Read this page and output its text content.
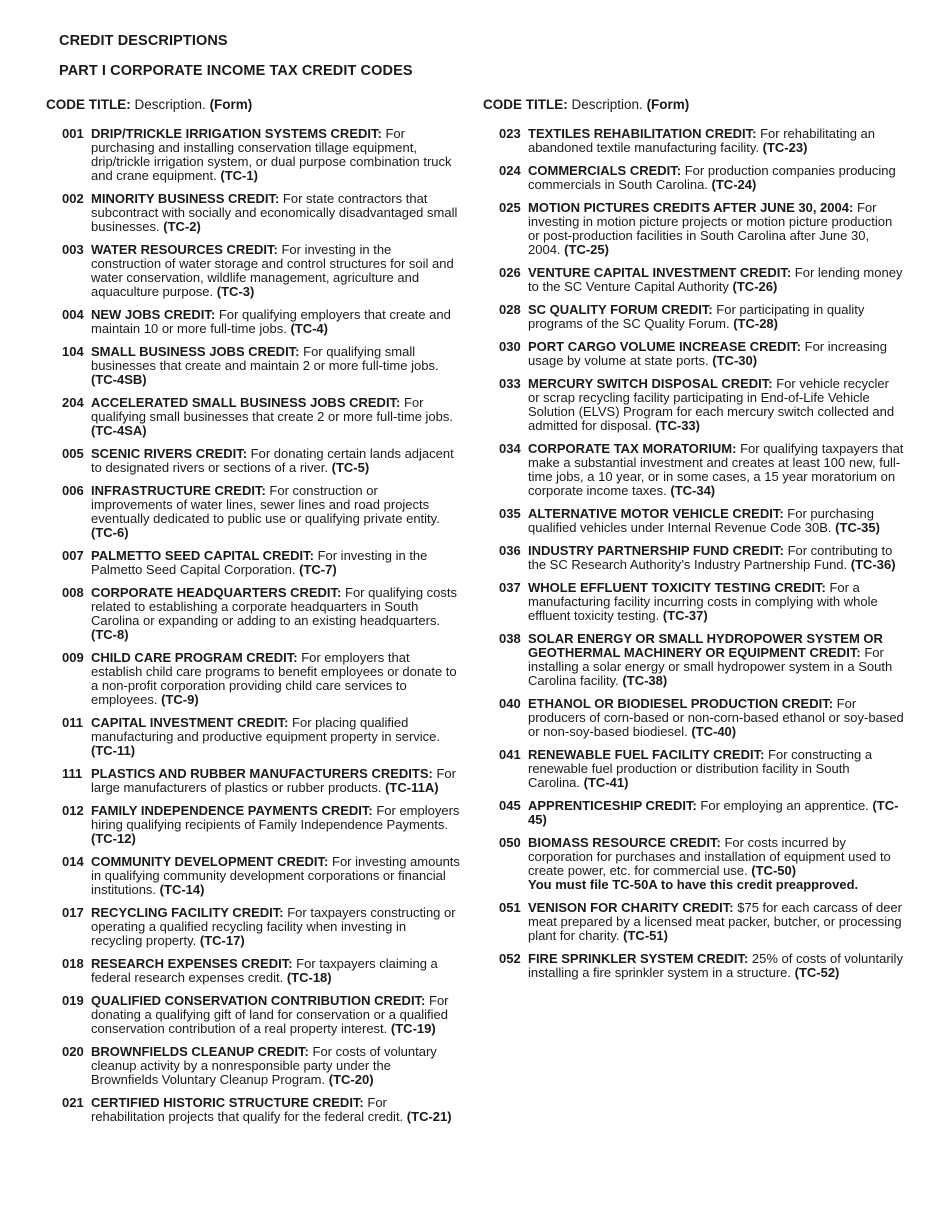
CREDIT DESCRIPTIONS
PART I CORPORATE INCOME TAX CREDIT CODES
CODE TITLE: Description. (Form)	CODE TITLE: Description. (Form)
001 DRIP/TRICKLE IRRIGATION SYSTEMS CREDIT: For purchasing and installing conservation tillage equipment, drip/trickle irrigation system, or dual purpose combination truck and crane equipment. (TC-1)
002 MINORITY BUSINESS CREDIT: For state contractors that subcontract with socially and economically disadvantaged small businesses. (TC-2)
003 WATER RESOURCES CREDIT: For investing in the construction of water storage and control structures for soil and water conservation, wildlife management, agriculture and aquaculture purpose. (TC-3)
004 NEW JOBS CREDIT: For qualifying employers that create and maintain 10 or more full-time jobs. (TC-4)
104 SMALL BUSINESS JOBS CREDIT: For qualifying small businesses that create and maintain 2 or more full-time jobs. (TC-4SB)
204 ACCELERATED SMALL BUSINESS JOBS CREDIT: For qualifying small businesses that create 2 or more full-time jobs. (TC-4SA)
005 SCENIC RIVERS CREDIT: For donating certain lands adjacent to designated rivers or sections of a river. (TC-5)
006 INFRASTRUCTURE CREDIT: For construction or improvements of water lines, sewer lines and road projects eventually dedicated to public use or qualifying private entity. (TC-6)
007 PALMETTO SEED CAPITAL CREDIT: For investing in the Palmetto Seed Capital Corporation. (TC-7)
008 CORPORATE HEADQUARTERS CREDIT: For qualifying costs related to establishing a corporate headquarters in South Carolina or expanding or adding to an existing headquarters. (TC-8)
009 CHILD CARE PROGRAM CREDIT: For employers that establish child care programs to benefit employees or donate to a non-profit corporation providing child care services to employees. (TC-9)
011 CAPITAL INVESTMENT CREDIT: For placing qualified manufacturing and productive equipment property in service. (TC-11)
111 PLASTICS AND RUBBER MANUFACTURERS CREDITS: For large manufacturers of plastics or rubber products. (TC-11A)
012 FAMILY INDEPENDENCE PAYMENTS CREDIT: For employers hiring qualifying recipients of Family Independence Payments. (TC-12)
014 COMMUNITY DEVELOPMENT CREDIT: For investing amounts in qualifying community development corporations or financial institutions. (TC-14)
017 RECYCLING FACILITY CREDIT: For taxpayers constructing or operating a qualified recycling facility when investing in recycling property. (TC-17)
018 RESEARCH EXPENSES CREDIT: For taxpayers claiming a federal research expenses credit. (TC-18)
019 QUALIFIED CONSERVATION CONTRIBUTION CREDIT: For donating a qualifying gift of land for conservation or a qualified conservation contribution of a real property interest. (TC-19)
020 BROWNFIELDS CLEANUP CREDIT: For costs of voluntary cleanup activity by a nonresponsible party under the Brownfields Voluntary Cleanup Program. (TC-20)
021 CERTIFIED HISTORIC STRUCTURE CREDIT: For rehabilitation projects that qualify for the federal credit. (TC-21)
023 TEXTILES REHABILITATION CREDIT: For rehabilitating an abandoned textile manufacturing facility. (TC-23)
024 COMMERCIALS CREDIT: For production companies producing commercials in South Carolina. (TC-24)
025 MOTION PICTURES CREDITS AFTER JUNE 30, 2004: For investing in motion picture projects or motion picture production or post-production facilities in South Carolina after June 30, 2004. (TC-25)
026 VENTURE CAPITAL INVESTMENT CREDIT: For lending money to the SC Venture Capital Authority (TC-26)
028 SC QUALITY FORUM CREDIT: For participating in quality programs of the SC Quality Forum. (TC-28)
030 PORT CARGO VOLUME INCREASE CREDIT: For increasing usage by volume at state ports. (TC-30)
033 MERCURY SWITCH DISPOSAL CREDIT: For vehicle recycler or scrap recycling facility participating in End-of-Life Vehicle Solution (ELVS) Program for each mercury switch collected and admitted for disposal. (TC-33)
034 CORPORATE TAX MORATORIUM: For qualifying taxpayers that make a substantial investment and creates at least 100 new, full-time jobs, a 10 year, or in some cases, a 15 year moratorium on corporate income taxes. (TC-34)
035 ALTERNATIVE MOTOR VEHICLE CREDIT: For purchasing qualified vehicles under Internal Revenue Code 30B. (TC-35)
036 INDUSTRY PARTNERSHIP FUND CREDIT: For contributing to the SC Research Authority’s Industry Partnership Fund. (TC-36)
037 WHOLE EFFLUENT TOXICITY TESTING CREDIT: For a manufacturing facility incurring costs in complying with whole effluent toxicity testing. (TC-37)
038 SOLAR ENERGY OR SMALL HYDROPOWER SYSTEM OR GEOTHERMAL MACHINERY OR EQUIPMENT CREDIT: For installing a solar energy or small hydropower system in a South Carolina facility. (TC-38)
040 ETHANOL OR BIODIESEL PRODUCTION CREDIT: For producers of corn-based or non-corn-based ethanol or soy-based or non-soy-based biodiesel. (TC-40)
041 RENEWABLE FUEL FACILITY CREDIT: For constructing a renewable fuel production or distribution facility in South Carolina. (TC-41)
045 APPRENTICESHIP CREDIT: For employing an apprentice. (TC-45)
050 BIOMASS RESOURCE CREDIT: For costs incurred by corporation for purchases and installation of equipment used to create power, etc. for commercial use. (TC-50)
You must file TC-50A to have this credit preapproved.
051 VENISON FOR CHARITY CREDIT: $75 for each carcass of deer meat prepared by a licensed meat packer, butcher, or processing plant for charity. (TC-51)
052 FIRE SPRINKLER SYSTEM CREDIT: 25% of costs of voluntarily installing a fire sprinkler system in a structure. (TC-52)
